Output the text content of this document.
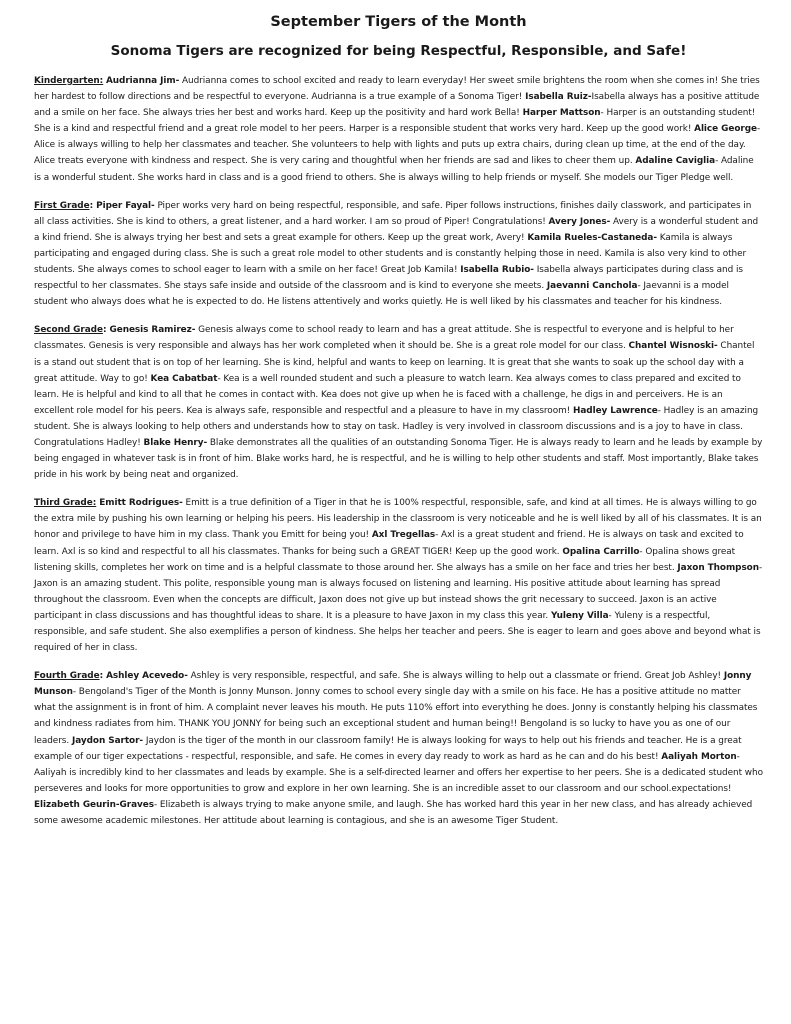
September Tigers of the Month
Sonoma Tigers are recognized for being Respectful, Responsible, and Safe!

Kindergarten: Audrianna Jim- Audrianna comes to school excited and ready to learn everyday! Her sweet smile brightens the room when she comes in! She tries her hardest to follow directions and be respectful to everyone. Audrianna is a true example of a Sonoma Tiger! Isabella Ruiz-Isabella always has a positive attitude and a smile on her face. She always tries her best and works hard. Keep up the positivity and hard work Bella! Harper Mattson- Harper is an outstanding student! She is a kind and respectful friend and a great role model to her peers. Harper is a responsible student that works very hard. Keep up the good work! Alice George- Alice is always willing to help her classmates and teacher. She volunteers to help with lights and puts up extra chairs, during clean up time, at the end of the day. Alice treats everyone with kindness and respect. She is very caring and thoughtful when her friends are sad and likes to cheer them up. Adaline Caviglia- Adaline is a wonderful student. She works hard in class and is a good friend to others. She is always willing to help friends or myself. She models our Tiger Pledge well.

First Grade: Piper Fayal- Piper works very hard on being respectful, responsible, and safe. Piper follows instructions, finishes daily classwork, and participates in all class activities. She is kind to others, a great listener, and a hard worker. I am so proud of Piper! Congratulations! Avery Jones- Avery is a wonderful student and a kind friend. She is always trying her best and sets a great example for others. Keep up the great work, Avery! Kamila Rueles-Castaneda- Kamila is always participating and engaged during class. She is such a great role model to other students and is constantly helping those in need. Kamila is also very kind to other students. She always comes to school eager to learn with a smile on her face! Great Job Kamila! Isabella Rubio- Isabella always participates during class and is respectful to her classmates. She stays safe inside and outside of the classroom and is kind to everyone she meets. Jaevanni Canchola- Jaevanni is a model student who always does what he is expected to do. He listens attentively and works quietly. He is well liked by his classmates and teacher for his kindness.

Second Grade: Genesis Ramirez- Genesis always come to school ready to learn and has a great attitude. She is respectful to everyone and is helpful to her classmates. Genesis is very responsible and always has her work completed when it should be. She is a great role model for our class. Chantel Wisnoski- Chantel is a stand out student that is on top of her learning. She is kind, helpful and wants to keep on learning. It is great that she wants to soak up the school day with a great attitude. Way to go! Kea Cabatbat- Kea is a well rounded student and such a pleasure to watch learn. Kea always comes to class prepared and excited to learn. He is helpful and kind to all that he comes in contact with. Kea does not give up when he is faced with a challenge, he digs in and perceivers. He is an excellent role model for his peers. Kea is always safe, responsible and respectful and a pleasure to have in my classroom! Hadley Lawrence- Hadley is an amazing student. She is always looking to help others and understands how to stay on task. Hadley is very involved in classroom discussions and is a joy to have in class. Congratulations Hadley! Blake Henry- Blake demonstrates all the qualities of an outstanding Sonoma Tiger. He is always ready to learn and he leads by example by being engaged in whatever task is in front of him. Blake works hard, he is respectful, and he is willing to help other students and staff. Most importantly, Blake takes pride in his work by being neat and organized.

Third Grade: Emitt Rodrigues- Emitt is a true definition of a Tiger in that he is 100% respectful, responsible, safe, and kind at all times. He is always willing to go the extra mile by pushing his own learning or helping his peers. His leadership in the classroom is very noticeable and he is well liked by all of his classmates. It is an honor and privilege to have him in my class. Thank you Emitt for being you! Axl Tregellas- Axl is a great student and friend. He is always on task and excited to learn. Axl is so kind and respectful to all his classmates. Thanks for being such a GREAT TIGER! Keep up the good work. Opalina Carrillo- Opalina shows great listening skills, completes her work on time and is a helpful classmate to those around her. She always has a smile on her face and tries her best. Jaxon Thompson- Jaxon is an amazing student. This polite, responsible young man is always focused on listening and learning. His positive attitude about learning has spread throughout the classroom. Even when the concepts are difficult, Jaxon does not give up but instead shows the grit necessary to succeed. Jaxon is an active participant in class discussions and has thoughtful ideas to share. It is a pleasure to have Jaxon in my class this year. Yuleny Villa- Yuleny is a respectful, responsible, and safe student. She also exemplifies a person of kindness. She helps her teacher and peers. She is eager to learn and goes above and beyond what is required of her in class.

Fourth Grade: Ashley Acevedo- Ashley is very responsible, respectful, and safe. She is always willing to help out a classmate or friend. Great Job Ashley! Jonny Munson- Bengoland's Tiger of the Month is Jonny Munson. Jonny comes to school every single day with a smile on his face. He has a positive attitude no matter what the assignment is in front of him. A complaint never leaves his mouth. He puts 110% effort into everything he does. Jonny is constantly helping his classmates and kindness radiates from him. THANK YOU JONNY for being such an exceptional student and human being!! Bengoland is so lucky to have you as one of our leaders. Jaydon Sartor- Jaydon is the tiger of the month in our classroom family! He is always looking for ways to help out his friends and teacher. He is a great example of our tiger expectations - respectful, responsible, and safe. He comes in every day ready to work as hard as he can and do his best! Aaliyah Morton-Aaliyah is incredibly kind to her classmates and leads by example. She is a self-directed learner and offers her expertise to her peers. She is a dedicated student who perseveres and looks for more opportunities to grow and explore in her own learning. She is an incredible asset to our classroom and our school.expectations! Elizabeth Geurin-Graves- Elizabeth is always trying to make anyone smile, and laugh. She has worked hard this year in her new class, and has already achieved some awesome academic milestones. Her attitude about learning is contagious, and she is an awesome Tiger Student.
